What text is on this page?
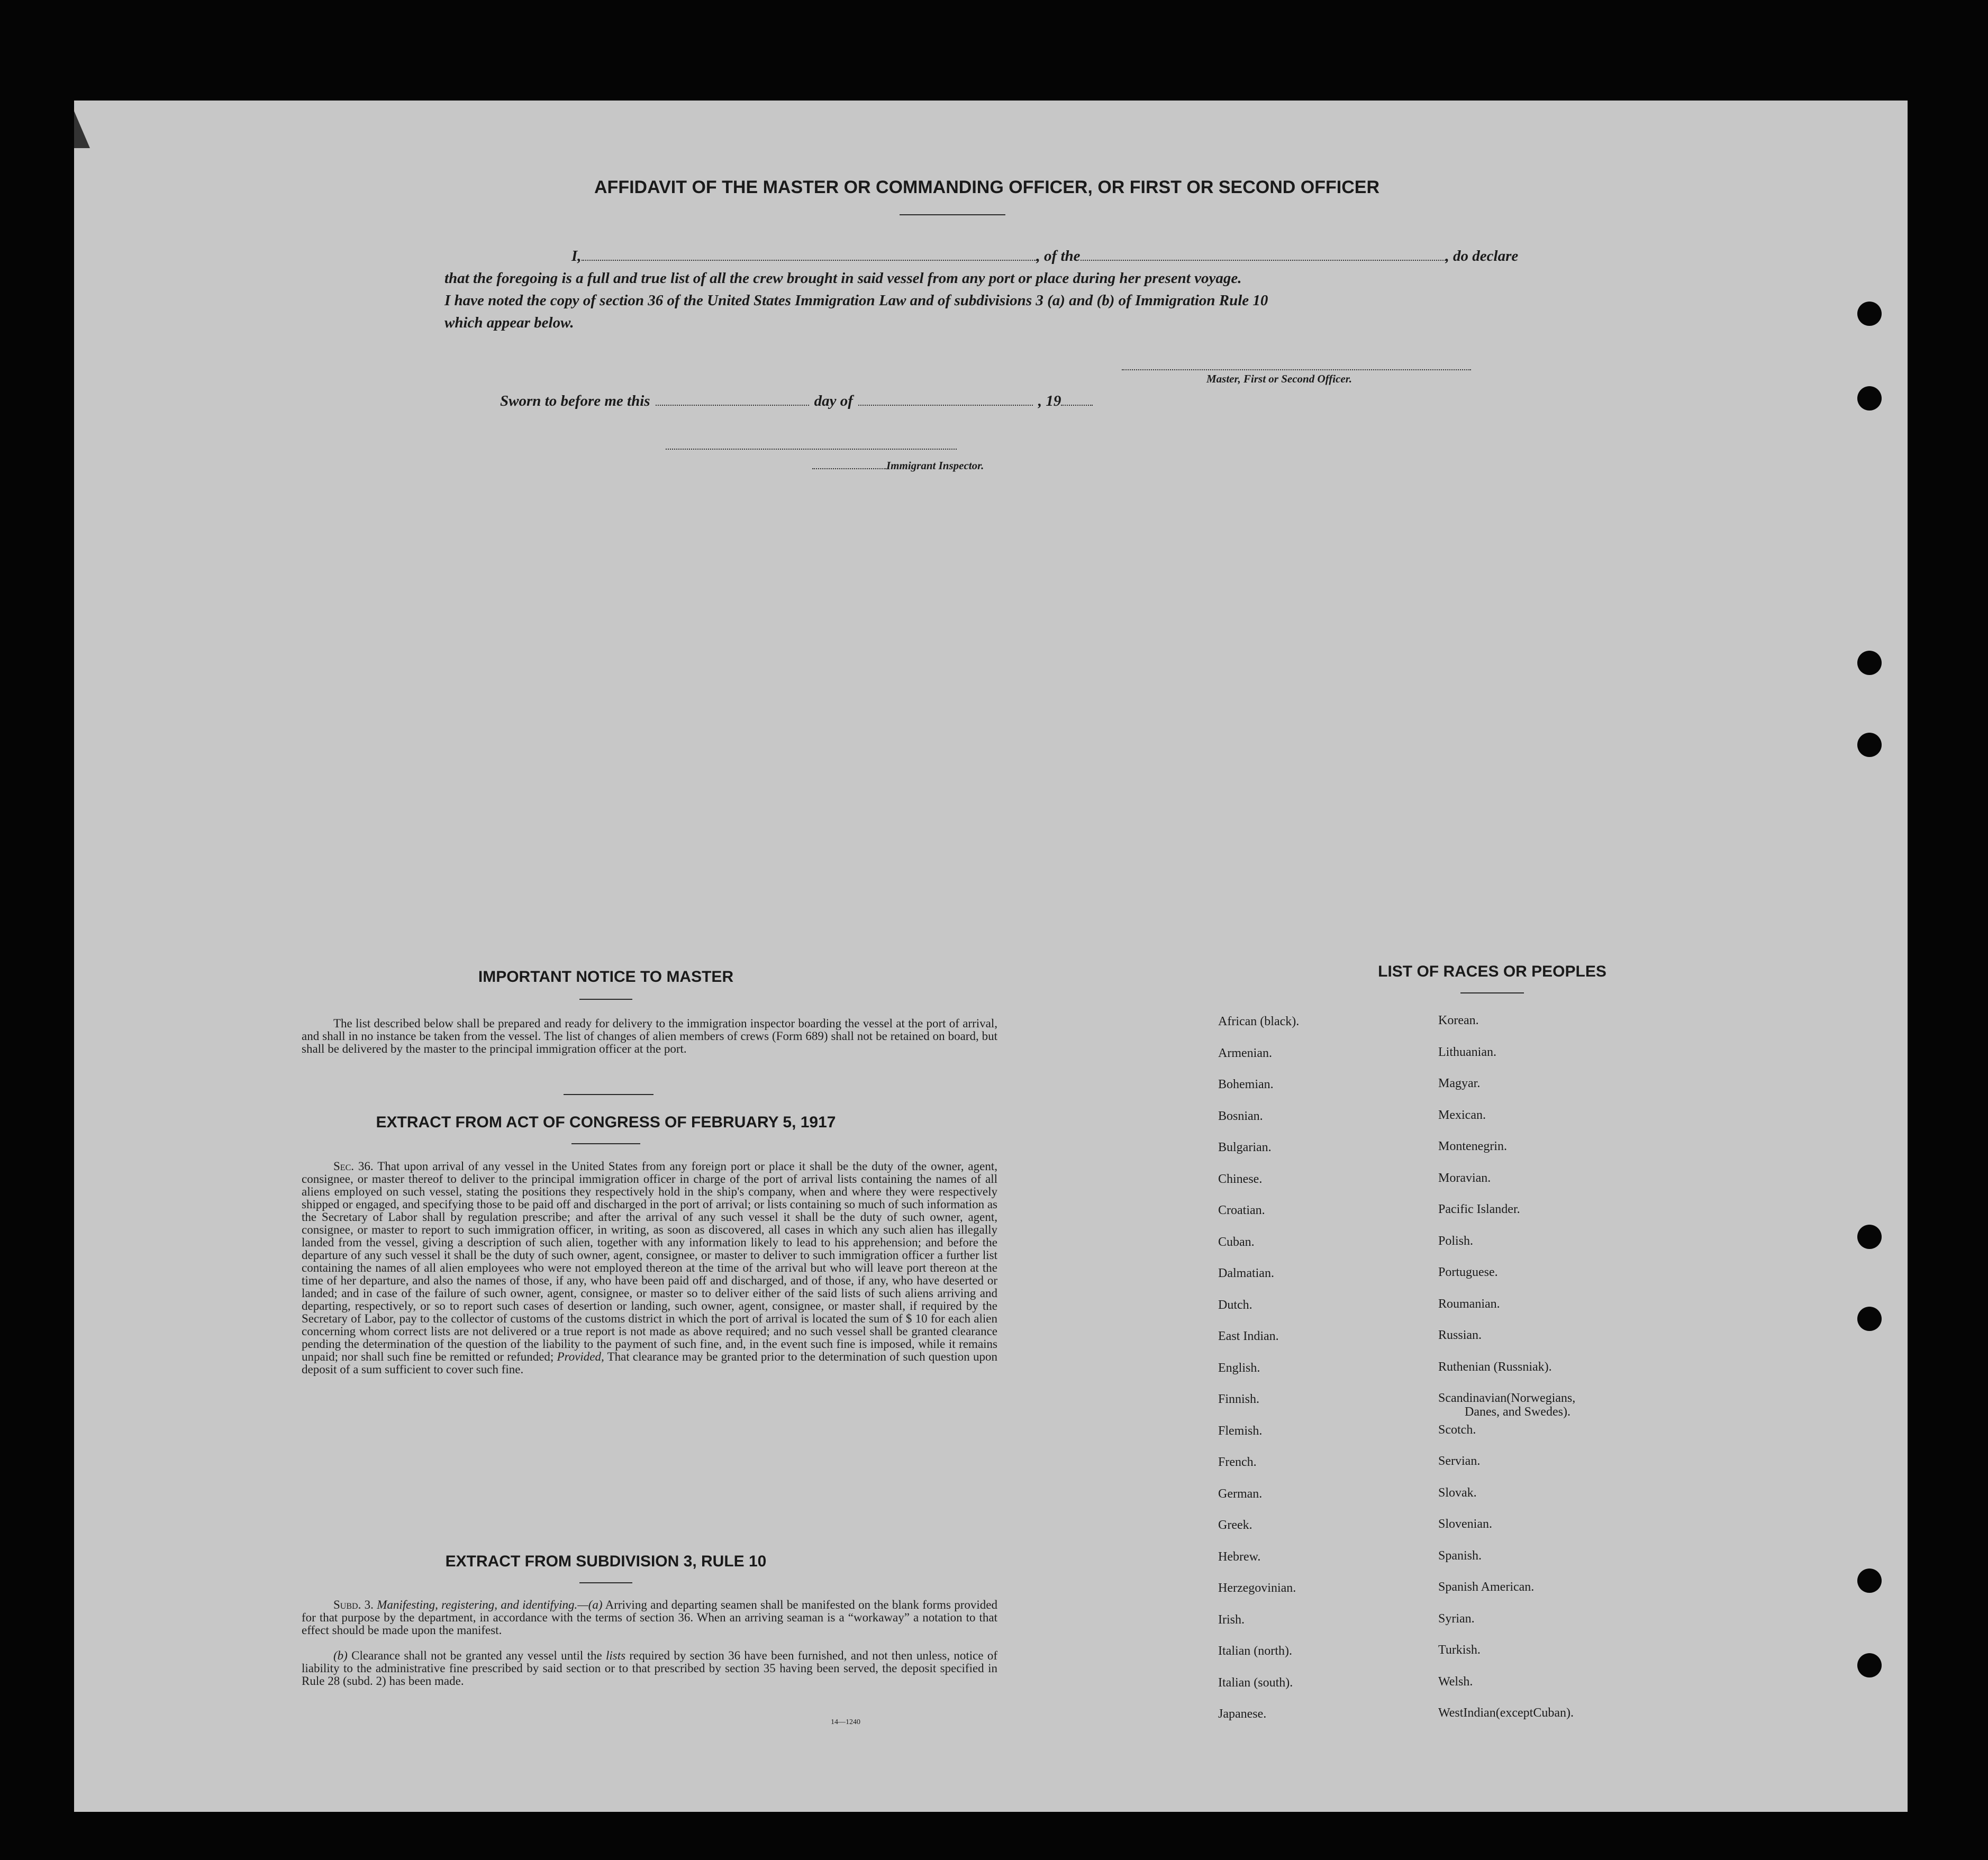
AFFIDAVIT OF THE MASTER OR COMMANDING OFFICER, OR FIRST OR SECOND OFFICER
I,	, of the	, do declare
that the foregoing is a full and true list of all the crew brought in said vessel from any port or place during her present voyage.
I have noted the copy of section 36 of the United States Immigration Law and of subdivisions 3 (a) and (b) of Immigration Rule 10
which appear below.
Master, First or Second Officer.
Sworn to before me this	day of	, 19
Immigrant Inspector.
IMPORTANT NOTICE TO MASTER
The list described below shall be prepared and ready for delivery to the immigration inspector boarding the vessel at the port of arrival, and shall in no instance be taken from the vessel. The list of changes of alien members of crews (Form 689) shall not be retained on board, but shall be delivered by the master to the principal immigration officer at the port.
EXTRACT FROM ACT OF CONGRESS OF FEBRUARY 5, 1917
Sec. 36. That upon arrival of any vessel in the United States from any foreign port or place it shall be the duty of the owner, agent, consignee, or master thereof to deliver to the principal immigration officer in charge of the port of arrival lists containing the names of all aliens employed on such vessel, stating the positions they respectively hold in the ship's company, when and where they were respectively shipped or engaged, and specifying those to be paid off and discharged in the port of arrival; or lists containing so much of such information as the Secretary of Labor shall by regulation prescribe; and after the arrival of any such vessel it shall be the duty of such owner, agent, consignee, or master to report to such immigration officer, in writing, as soon as discovered, all cases in which any such alien has illegally landed from the vessel, giving a description of such alien, together with any information likely to lead to his apprehension; and before the departure of any such vessel it shall be the duty of such owner, agent, consignee, or master to deliver to such immigration officer a further list containing the names of all alien employees who were not employed thereon at the time of the arrival but who will leave port thereon at the time of her departure, and also the names of those, if any, who have been paid off and discharged, and of those, if any, who have deserted or landed; and in case of the failure of such owner, agent, consignee, or master so to deliver either of the said lists of such aliens arriving and departing, respectively, or so to report such cases of desertion or landing, such owner, agent, consignee, or master shall, if required by the Secretary of Labor, pay to the collector of customs of the customs district in which the port of arrival is located the sum of $ 10 for each alien concerning whom correct lists are not delivered or a true report is not made as above required; and no such vessel shall be granted clearance pending the determination of the question of the liability to the payment of such fine, and, in the event such fine is imposed, while it remains unpaid; nor shall such fine be remitted or refunded; Provided, That clearance may be granted prior to the determination of such question upon deposit of a sum sufficient to cover such fine.
EXTRACT FROM SUBDIVISION 3, RULE 10
Subd. 3. Manifesting, registering, and identifying.—(a) Arriving and departing seamen shall be manifested on the blank forms provided for that purpose by the department, in accordance with the terms of section 36. When an arriving seaman is a “workaway” a notation to that effect should be made upon the manifest.
(b) Clearance shall not be granted any vessel until the lists required by section 36 have been furnished, and not then unless, notice of liability to the administrative fine prescribed by said section or to that prescribed by section 35 having been served, the deposit specified in Rule 28 (subd. 2) has been made.
14—1240
LIST OF RACES OR PEOPLES
African (black).
Armenian.
Bohemian.
Bosnian.
Bulgarian.
Chinese.
Croatian.
Cuban.
Dalmatian.
Dutch.
East Indian.
English.
Finnish.
Flemish.
French.
German.
Greek.
Hebrew.
Herzegovinian.
Irish.
Italian (north).
Italian (south).
Japanese.
Korean.
Lithuanian.
Magyar.
Mexican.
Montenegrin.
Moravian.
Pacific Islander.
Polish.
Portuguese.
Roumanian.
Russian.
Ruthenian (Russniak).
Scandinavian(Norwegians,
Danes, and Swedes).
Scotch.
Servian.
Slovak.
Slovenian.
Spanish.
Spanish American.
Syrian.
Turkish.
Welsh.
WestIndian(exceptCuban).
